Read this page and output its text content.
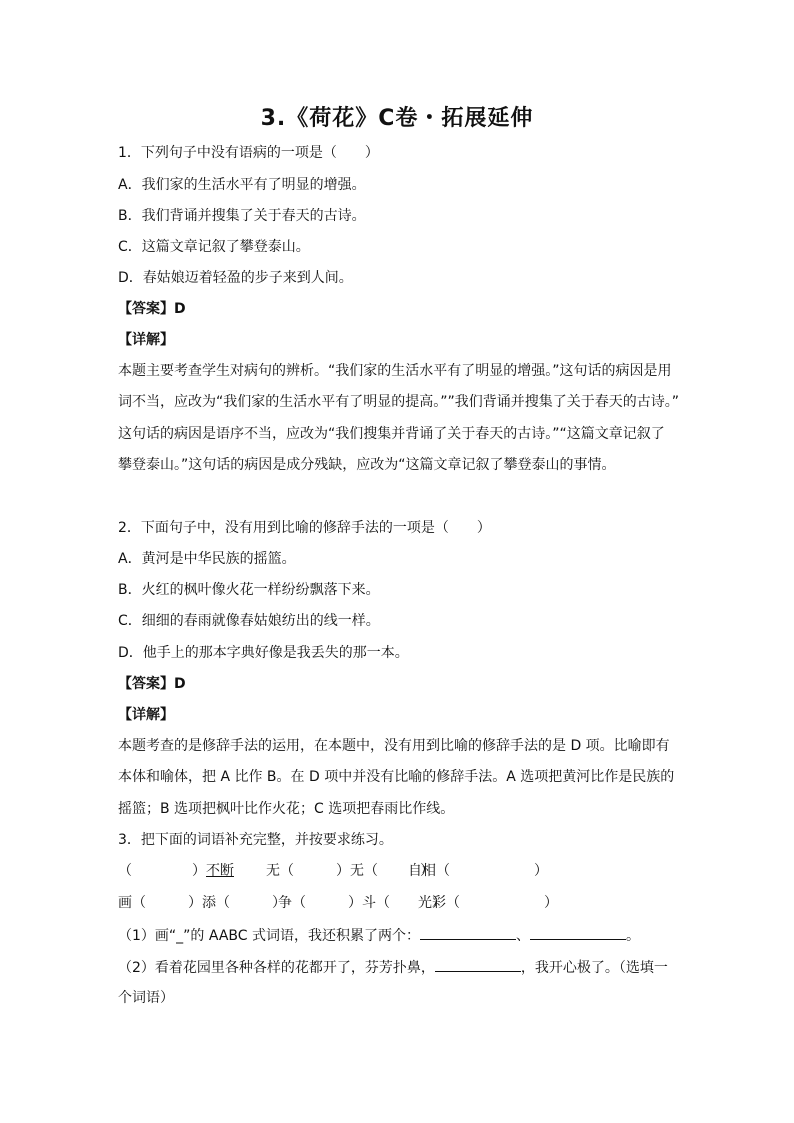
3.《荷花》C卷・拓展延伸
1．下列句子中没有语病的一项是（　　）
A．我们家的生活水平有了明显的增强。
B．我们背诵并搜集了关于春天的古诗。
C．这篇文章记叙了攀登泰山。
D．春姑娘迈着轻盈的步子来到人间。
【答案】D
【详解】
本题主要考查学生对病句的辨析。“我们家的生活水平有了明显的增强。”这句话的病因是用
词不当，应改为“我们家的生活水平有了明显的提高。””我们背诵并搜集了关于春天的古诗。”
这句话的病因是语序不当，应改为“我们搜集并背诵了关于春天的古诗。”“这篇文章记叙了
攀登泰山。”这句话的病因是成分残缺，应改为“这篇文章记叙了攀登泰山的事情。
2．下面句子中，没有用到比喻的修辞手法的一项是（　　）
A．黄河是中华民族的摇篮。
B．火红的枫叶像火花一样纷纷飘落下来。
C．细细的春雨就像春姑娘纺出的线一样。
D．他手上的那本字典好像是我丢失的那一本。
【答案】D
【详解】
本题考查的是修辞手法的运用，在本题中，没有用到比喻的修辞手法的是 D 项。比喻即有
本体和喻体，把 A 比作 B。在 D 项中并没有比喻的修辞手法。A 选项把黄河比作是民族的
摇篮；B 选项把枫叶比作火花；C 选项把春雨比作线。
3．把下面的词语补充完整，并按要求练习。
（	）不断 无（　　　）无（　　　）
自相（　　　　　　）
画（　　　）添（　　　）
争（　　　）斗（　　　）
光彩（　　　　　　）
（1）画“_”的 AABC 式词语，我还积累了两个：	、	。
（2）看着花园里各种各样的花都开了，芬芳扑鼻，	，我开心极了。（选填一
个词语）
